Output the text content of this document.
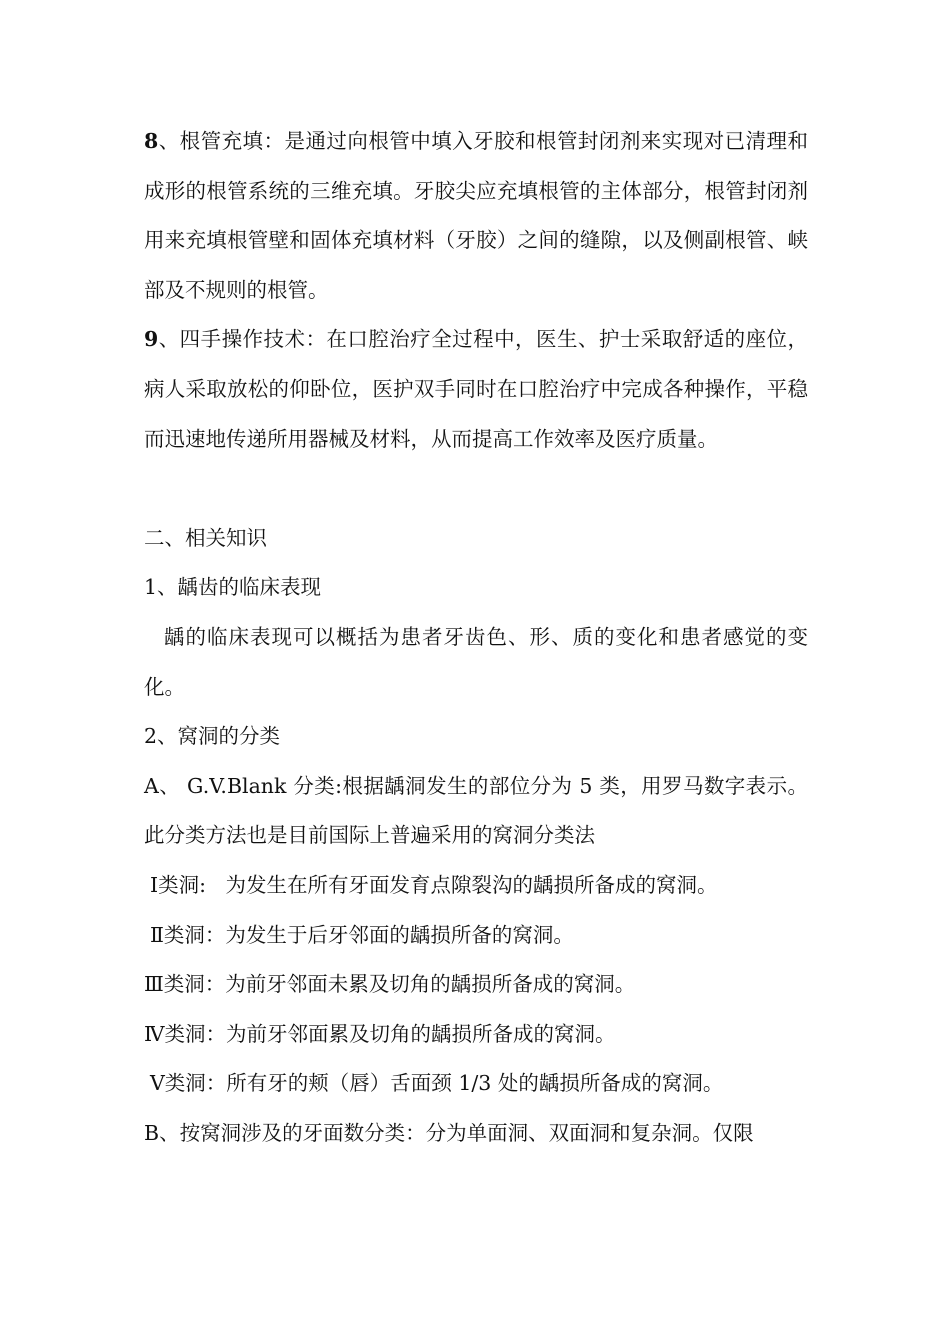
8、根管充填：是通过向根管中填入牙胶和根管封闭剂来实现对已清理和成形的根管系统的三维充填。牙胶尖应充填根管的主体部分，根管封闭剂用来充填根管壁和固体充填材料（牙胶）之间的缝隙，以及侧副根管、峡部及不规则的根管。

9、四手操作技术：在口腔治疗全过程中，医生、护士采取舒适的座位，病人采取放松的仰卧位，医护双手同时在口腔治疗中完成各种操作，平稳而迅速地传递所用器械及材料，从而提高工作效率及医疗质量。

二、相关知识

1、龋齿的临床表现

龋的临床表现可以概括为患者牙齿色、形、质的变化和患者感觉的变化。

2、窝洞的分类

A、 G.V.Blank 分类:根据龋洞发生的部位分为 5 类，用罗马数字表示。此分类方法也是目前国际上普遍采用的窝洞分类法

Ⅰ类洞:   为发生在所有牙面发育点隙裂沟的龋损所备成的窝洞。

Ⅱ类洞：为发生于后牙邻面的龋损所备的窝洞。

Ⅲ类洞：为前牙邻面未累及切角的龋损所备成的窝洞。

Ⅳ类洞：为前牙邻面累及切角的龋损所备成的窝洞。

Ⅴ类洞：所有牙的颊（唇）舌面颈 1/3 处的龋损所备成的窝洞。

B、按窝洞涉及的牙面数分类：分为单面洞、双面洞和复杂洞。仅限
